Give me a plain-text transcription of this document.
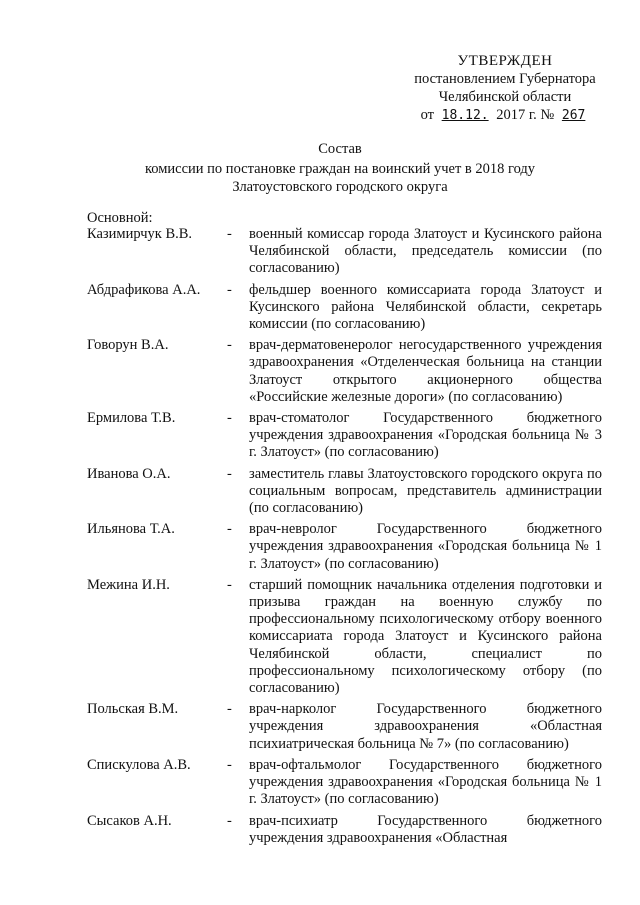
УТВЕРЖДЕН
постановлением Губернатора
Челябинской области
от 18.12. 2017 г. № 267
Состав
комиссии по постановке граждан на воинский учет в 2018 году
Златоустовского городского округа
Основной:
Казимирчук В.В.	-	военный комиссар города Златоуст и Кусинского района Челябинской области, председатель комиссии (по согласованию)
Абдрафикова А.А.	-	фельдшер военного комиссариата города Златоуст и Кусинского района Челябинской области, секретарь комиссии (по согласованию)
Говорун В.А.	-	врач-дерматовенеролог негосударственного учреждения здравоохранения «Отделенческая больница на станции Златоуст открытого акционерного общества «Российские железные дороги» (по согласованию)
Ермилова Т.В.	-	врач-стоматолог Государственного бюджетного учреждения здравоохранения «Городская больница № 3 г. Златоуст» (по согласованию)
Иванова О.А.	-	заместитель главы Златоустовского городского округа по социальным вопросам, представитель администрации (по согласованию)
Ильянова Т.А.	-	врач-невролог Государственного бюджетного учреждения здравоохранения «Городская больница № 1 г. Златоуст» (по согласованию)
Межина И.Н.	-	старший помощник начальника отделения подготовки и призыва граждан на военную службу по профессиональному психологическому отбору военного комиссариата города Златоуст и Кусинского района Челябинской области, специалист по профессиональному психологическому отбору (по согласованию)
Польская В.М.	-	врач-нарколог Государственного бюджетного учреждения здравоохранения «Областная психиатрическая больница № 7» (по согласованию)
Спискулова А.В.	-	врач-офтальмолог Государственного бюджетного учреждения здравоохранения «Городская больница № 1 г. Златоуст» (по согласованию)
Сысаков А.Н.	-	врач-психиатр Государственного бюджетного учреждения здравоохранения «Областная
